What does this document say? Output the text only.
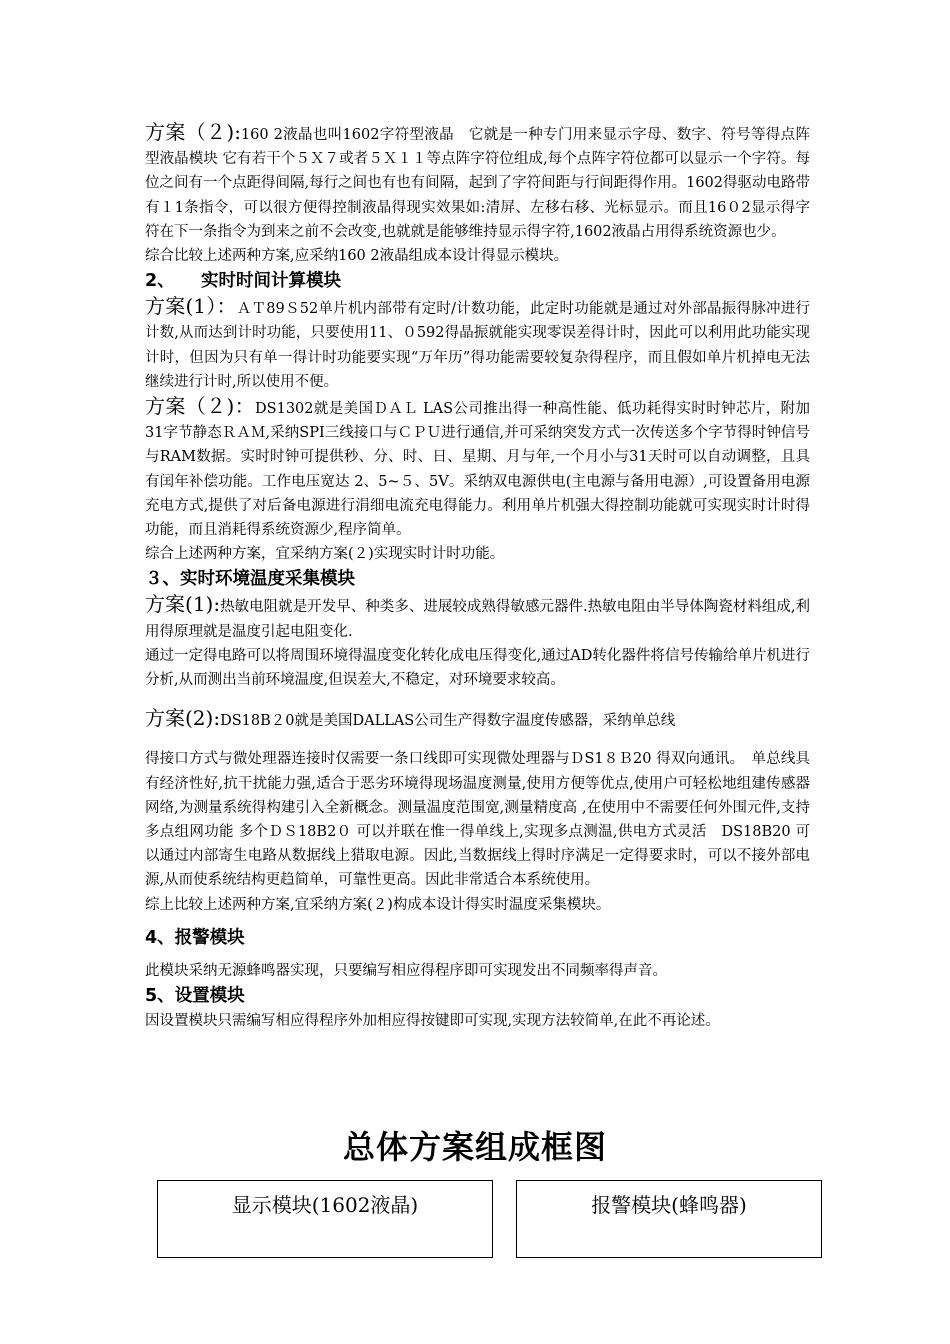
方案（２):160 2液晶也叫1602字符型液晶　它就是一种专门用来显示字母、数字、符号等得点阵型液晶模块 它有若干个５Ｘ７或者５Ｘ１１等点阵字符位组成,每个点阵字符位都可以显示一个字符。每位之间有一个点距得间隔,每行之间也有也有间隔，起到了字符间距与行间距得作用。1602得驱动电路带有１1条指令，可以很方便得控制液晶得现实效果如:清屏、左移右移、光标显示。而且16０2显示得字符在下一条指令为到来之前不会改变,也就就是能够维持显示得字符,1602液晶占用得系统资源也少。

综合比较上述两种方案,应采纳160 2液晶组成本设计得显示模块。

2、 实时时间计算模块

方案(1）：ＡＴ89Ｓ52单片机内部带有定时/计数功能，此定时功能就是通过对外部晶振得脉冲进行计数,从而达到计时功能，只要使用11、０592得晶振就能实现零误差得计时，因此可以利用此功能实现计时，但因为只有单一得计时功能要实现“万年历”得功能需要较复杂得程序，而且假如单片机掉电无法继续进行计时,所以使用不便。

方案（２)：DS1302就是美国ＤＡＬ LAS公司推出得一种高性能、低功耗得实时时钟芯片，附加31字节静态ＲＡＭ,采纳SPI三线接口与ＣＰＵ进行通信,并可采纳突发方式一次传送多个字节得时钟信号与RAM数据。实时时钟可提供秒、分、时、日、星期、月与年,一个月小与31天时可以自动调整，且具有闰年补偿功能。工作电压宽达 2、5~５、5V。采纳双电源供电(主电源与备用电源）,可设置备用电源充电方式,提供了对后备电源进行涓细电流充电得能力。利用单片机强大得控制功能就可实现实时计时得功能，而且消耗得系统资源少,程序简单。

综合上述两种方案，宜采纳方案(２)实现实时计时功能。

３、实时环境温度采集模块

方案(1):热敏电阻就是开发早、种类多、进展较成熟得敏感元器件.热敏电阻由半导体陶瓷材料组成,利用得原理就是温度引起电阻变化.

通过一定得电路可以将周围环境得温度变化转化成电压得变化,通过AD转化器件将信号传输给单片机进行分析,从而测出当前环境温度,但误差大,不稳定，对环境要求较高。

方案(2):DS18B２0就是美国DALLAS公司生产得数字温度传感器，采纳单总线

得接口方式与微处理器连接时仅需要一条口线即可实现微处理器与ＤS1８Ｂ20 得双向通讯。　单总线具有经济性好,抗干扰能力强,适合于恶劣环境得现场温度测量,使用方便等优点,使用户可轻松地组建传感器网络,为测量系统得构建引入全新概念。测量温度范围宽,测量精度高 ,在使用中不需要任何外围元件,支持多点组网功能 多个ＤＳ18B2０ 可以并联在惟一得单线上,实现多点测温,供电方式灵活　DS18B20 可以通过内部寄生电路从数据线上猎取电源。因此,当数据线上得时序满足一定得要求时，可以不接外部电源,从而使系统结构更趋简单，可靠性更高。因此非常适合本系统使用。

综上比较上述两种方案,宜采纳方案(２)构成本设计得实时温度采集模块。

4、报警模块

此模块采纳无源蜂鸣器实现，只要编写相应得程序即可实现发出不同频率得声音。

5、设置模块

因设置模块只需编写相应得程序外加相应得按键即可实现,实现方法较简单,在此不再论述。

总体方案组成框图
显示模块(1602液晶)	报警模块(蜂鸣器)
